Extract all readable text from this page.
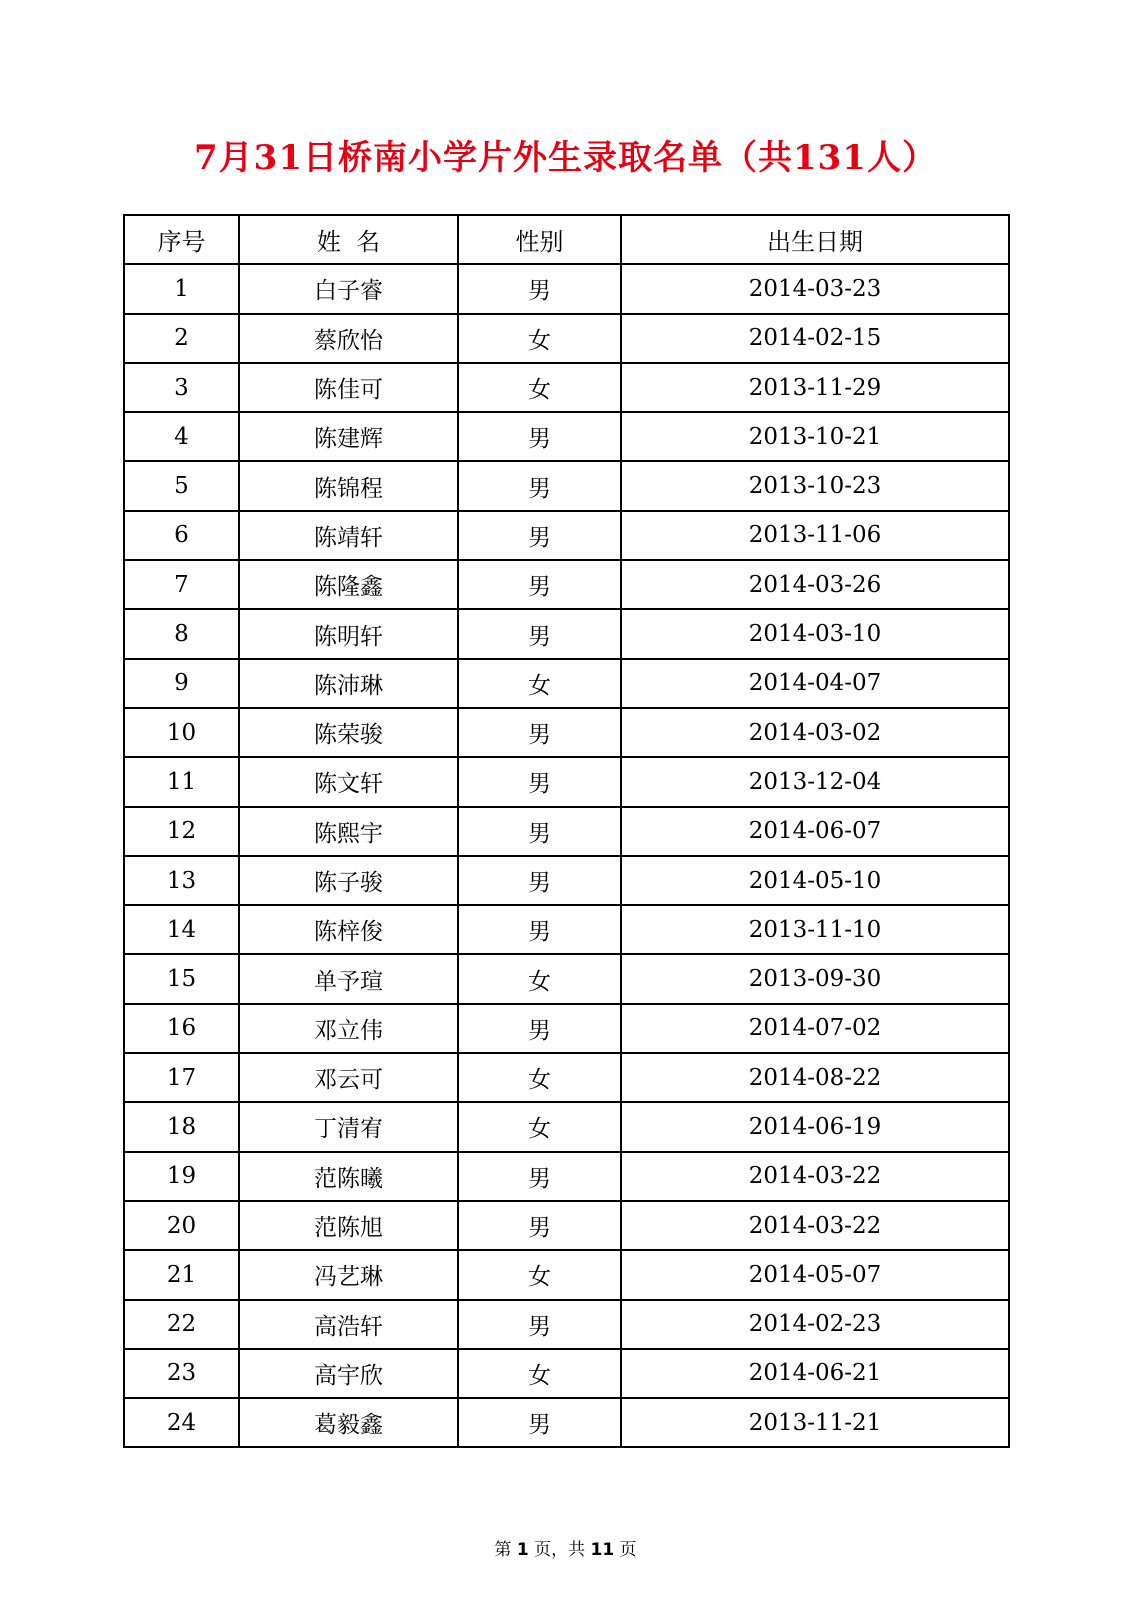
7月31日桥南小学片外生录取名单（共131人）
序号	姓  名	性别	出生日期
1	白子睿	男	2014-03-23
2	蔡欣怡	女	2014-02-15
3	陈佳可	女	2013-11-29
4	陈建辉	男	2013-10-21
5	陈锦程	男	2013-10-23
6	陈靖轩	男	2013-11-06
7	陈隆鑫	男	2014-03-26
8	陈明轩	男	2014-03-10
9	陈沛琳	女	2014-04-07
10	陈荣骏	男	2014-03-02
11	陈文轩	男	2013-12-04
12	陈熙宇	男	2014-06-07
13	陈子骏	男	2014-05-10
14	陈梓俊	男	2013-11-10
15	单予瑄	女	2013-09-30
16	邓立伟	男	2014-07-02
17	邓云可	女	2014-08-22
18	丁清宥	女	2014-06-19
19	范陈曦	男	2014-03-22
20	范陈旭	男	2014-03-22
21	冯艺琳	女	2014-05-07
22	高浩轩	男	2014-02-23
23	高宇欣	女	2014-06-21
24	葛毅鑫	男	2013-11-21
第 1 页，共 11 页
